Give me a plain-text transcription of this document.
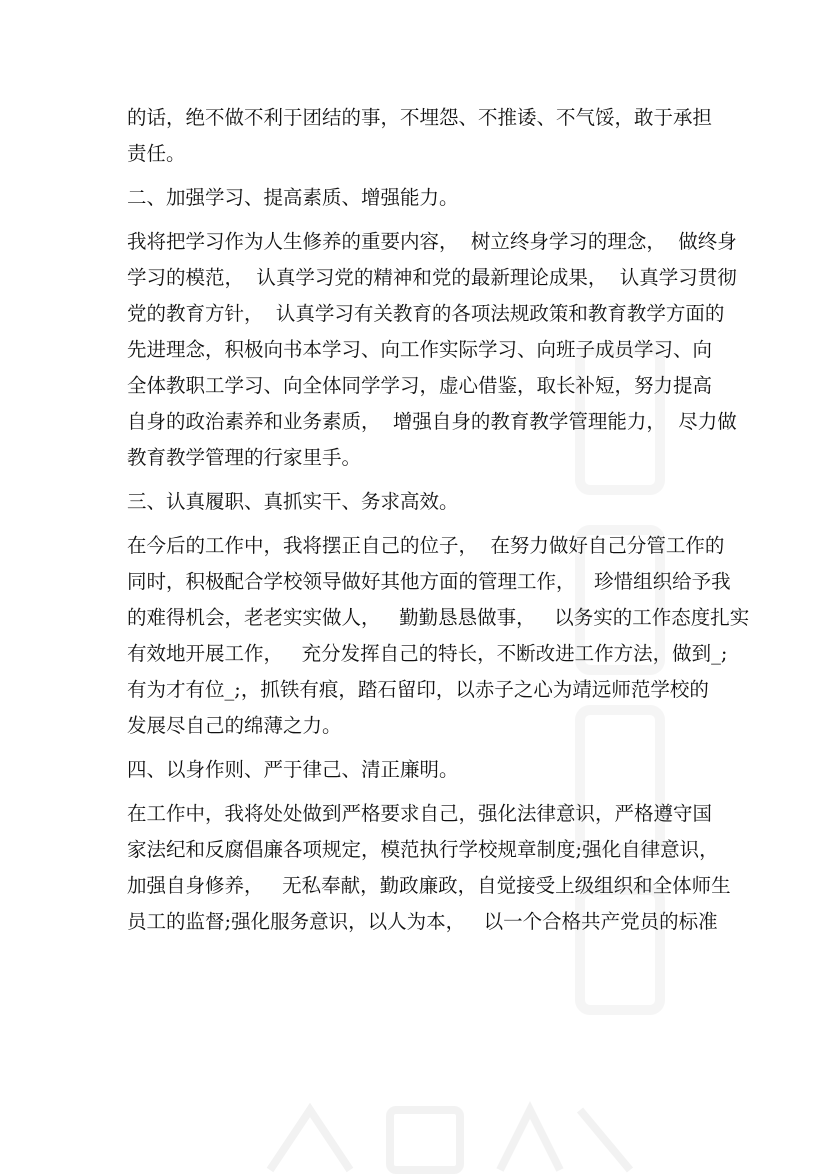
的话，绝不做不利于团结的事，不埋怨、不推诿、不气馁，敢于承担

责任。

二、加强学习、提高素质、增强能力。

我将把学习作为人生修养的重要内容，  树立终身学习的理念，  做终身

学习的模范，  认真学习党的精神和党的最新理论成果，  认真学习贯彻

党的教育方针，  认真学习有关教育的各项法规政策和教育教学方面的

先进理念，积极向书本学习、向工作实际学习、向班子成员学习、向

全体教职工学习、向全体同学学习，虚心借鉴，取长补短，努力提高

自身的政治素养和业务素质，  增强自身的教育教学管理能力，  尽力做

教育教学管理的行家里手。

三、认真履职、真抓实干、务求高效。

在今后的工作中，我将摆正自己的位子，  在努力做好自己分管工作的

同时，积极配合学校领导做好其他方面的管理工作，   珍惜组织给予我

的难得机会，老老实实做人，   勤勤恳恳做事，   以务实的工作态度扎实

有效地开展工作，   充分发挥自己的特长，不断改进工作方法，做到_;

有为才有位_;，抓铁有痕，踏石留印，以赤子之心为靖远师范学校的

发展尽自己的绵薄之力。

四、以身作则、严于律己、清正廉明。

在工作中，我将处处做到严格要求自己，强化法律意识，严格遵守国

家法纪和反腐倡廉各项规定，模范执行学校规章制度;强化自律意识，

加强自身修养，   无私奉献，勤政廉政，自觉接受上级组织和全体师生

员工的监督;强化服务意识，以人为本，   以一个合格共产党员的标准
